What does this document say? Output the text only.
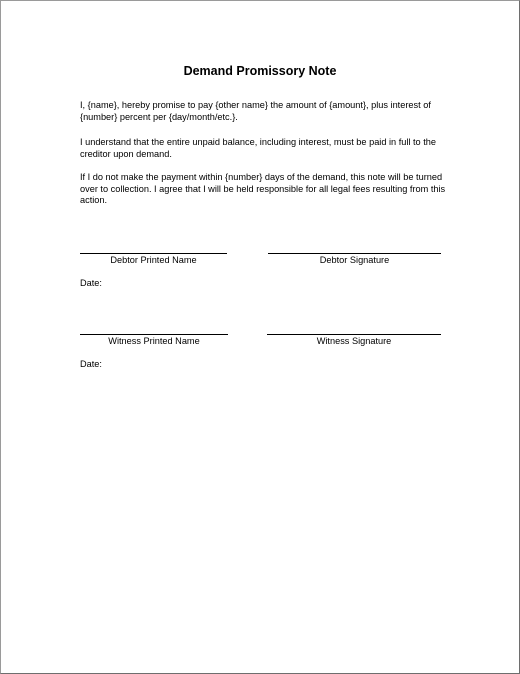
Demand Promissory Note

I, {name}, hereby promise to pay {other name} the amount of {amount}, plus interest of {number} percent per {day/month/etc.}.

I understand that the entire unpaid balance, including interest, must be paid in full to the creditor upon demand.

If I do not make the payment within {number} days of the demand, this note will be turned over to collection. I agree that I will be held responsible for all legal fees resulting from this action.

Debtor Printed Name	Debtor Signature
Date:
Witness Printed Name	Witness Signature
Date:
